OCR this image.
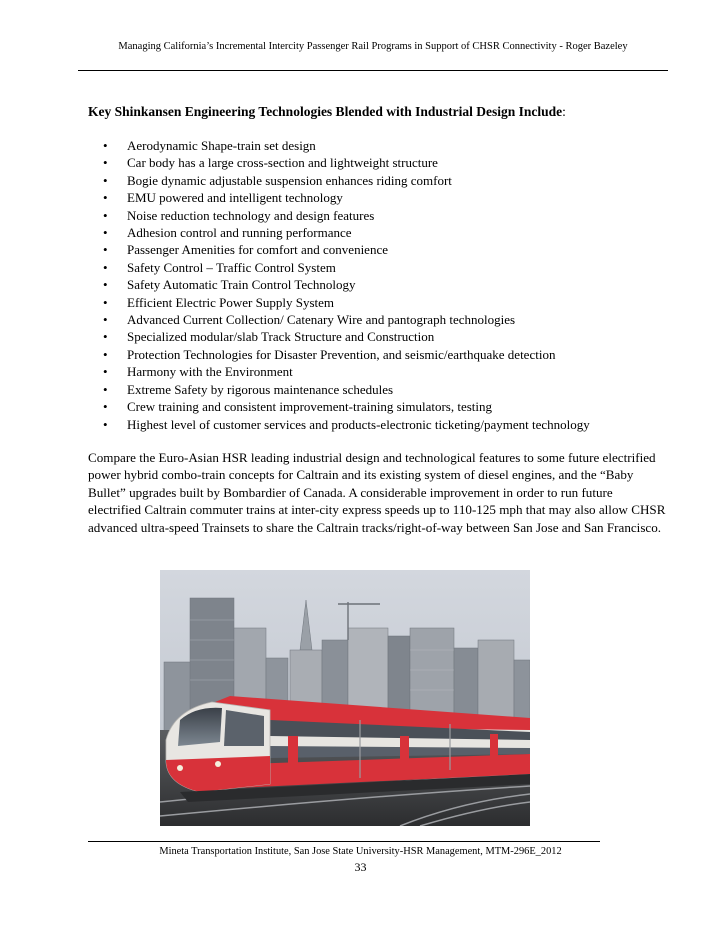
Managing California’s Incremental Intercity Passenger Rail Programs in Support of CHSR Connectivity - Roger Bazeley
Key Shinkansen Engineering Technologies Blended with Industrial Design Include:
• Aerodynamic Shape-train set design
• Car body has a large cross-section and lightweight structure
• Bogie dynamic adjustable suspension enhances riding comfort
• EMU powered and intelligent technology
• Noise reduction technology and design features
• Adhesion control and running performance
• Passenger Amenities for comfort and convenience
• Safety Control – Traffic Control System
• Safety Automatic Train Control Technology
• Efficient Electric Power Supply System
• Advanced Current Collection/ Catenary Wire and pantograph technologies
• Specialized modular/slab Track Structure and Construction
• Protection Technologies for Disaster Prevention, and seismic/earthquake detection
• Harmony with the Environment
• Extreme Safety by rigorous maintenance schedules
• Crew training and consistent improvement-training simulators, testing
• Highest level of customer services and products-electronic ticketing/payment technology
Compare the Euro-Asian HSR leading industrial design and technological features to some future electrified power hybrid combo-train concepts for Caltrain and its existing system of diesel engines, and the “Baby Bullet” upgrades built by Bombardier of Canada. A considerable improvement in order to run future electrified Caltrain commuter trains at inter-city express speeds up to 110-125 mph that may also allow CHSR advanced ultra-speed Trainsets to share the Caltrain tracks/right-of-way between San Jose and San Francisco.
Mineta Transportation Institute, San Jose State University-HSR Management, MTM-296E_2012
33
